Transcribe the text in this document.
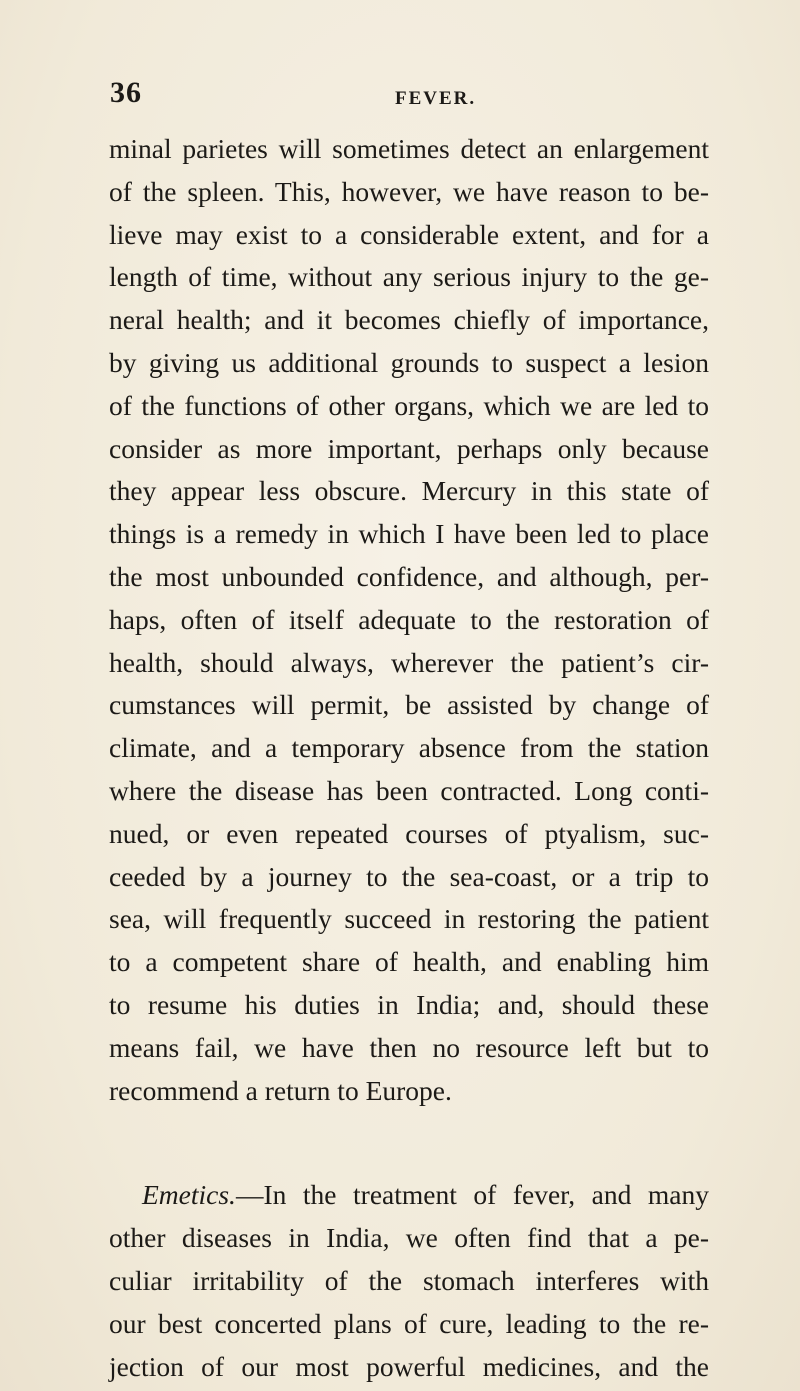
36	FEVER.
minal parietes will sometimes detect an enlargement
of the spleen. This, however, we have reason to be-
lieve may exist to a considerable extent, and for a
length of time, without any serious injury to the ge-
neral health; and it becomes chiefly of importance,
by giving us additional grounds to suspect a lesion
of the functions of other organs, which we are led to
consider as more important, perhaps only because
they appear less obscure. Mercury in this state of
things is a remedy in which I have been led to place
the most unbounded confidence, and although, per-
haps, often of itself adequate to the restoration of
health, should always, wherever the patient’s cir-
cumstances will permit, be assisted by change of
climate, and a temporary absence from the station
where the disease has been contracted. Long conti-
nued, or even repeated courses of ptyalism, suc-
ceeded by a journey to the sea-coast, or a trip to
sea, will frequently succeed in restoring the patient
to a competent share of health, and enabling him
to resume his duties in India; and, should these
means fail, we have then no resource left but to
recommend a return to Europe.
Emetics.—In the treatment of fever, and many
other diseases in India, we often find that a pe-
culiar irritability of the stomach interferes with
our best concerted plans of cure, leading to the re-
jection of our most powerful medicines, and the
